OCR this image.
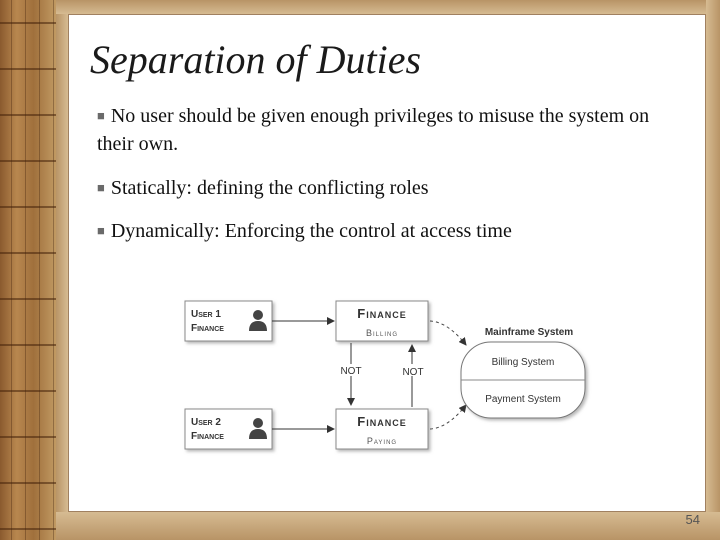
Separation of Duties
■ No user should be given enough privileges to misuse the system on their own.
■ Statically: defining the conflicting roles
■ Dynamically: Enforcing the control at access time
User 1
Finance
User 2
Finance
Finance
Billing
Finance
Paying
NOT	NOT
Mainframe System
Billing System
Payment System
54
